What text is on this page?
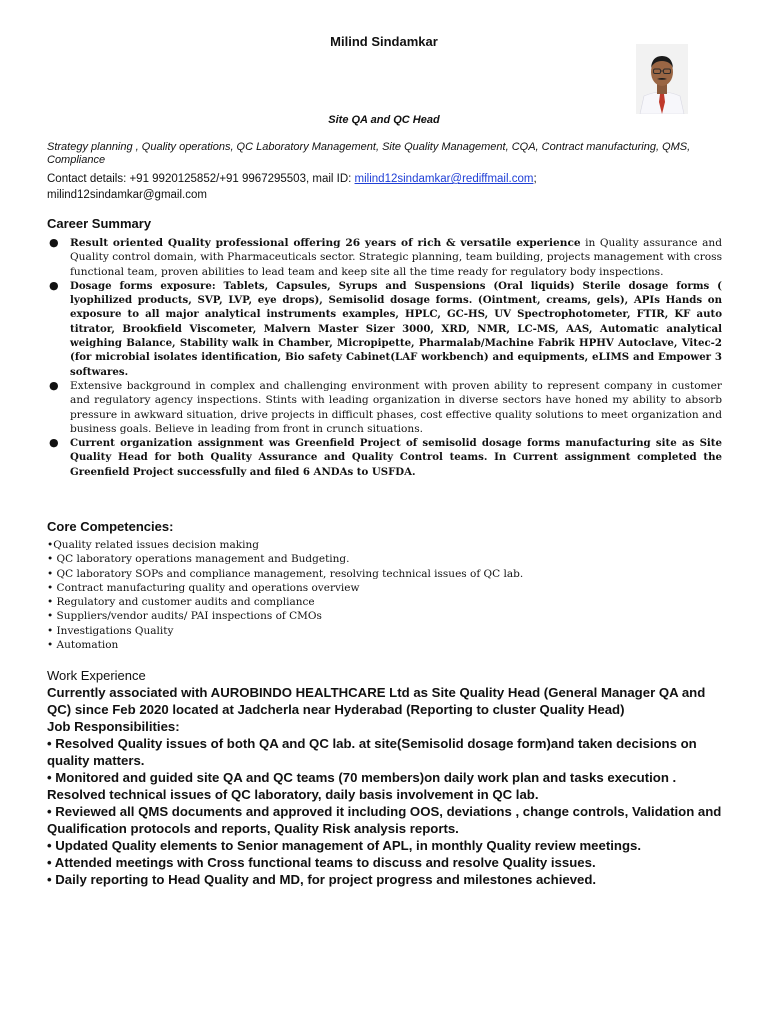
Milind Sindamkar
Site QA and QC Head
Strategy planning , Quality operations, QC Laboratory Management, Site Quality Management, CQA, Contract manufacturing, QMS, Compliance
Contact details: +91 9920125852/+91 9967295503, mail ID: milind12sindamkar@rediffmail.com;
milind12sindamkar@gmail.com
Career Summary
● Result oriented Quality professional offering 26 years of rich & versatile experience in Quality assurance and Quality control domain, with Pharmaceuticals sector. Strategic planning, team building, projects management with cross functional team, proven abilities to lead team and keep site all the time ready for regulatory body inspections.
● Dosage forms exposure: Tablets, Capsules, Syrups and Suspensions (Oral liquids) Sterile dosage forms ( lyophilized products, SVP, LVP, eye drops), Semisolid dosage forms. (Ointment, creams, gels), APIs Hands on exposure to all major analytical instruments examples, HPLC, GC-HS, UV Spectrophotometer, FTIR, KF auto titrator, Brookfield Viscometer, Malvern Master Sizer 3000, XRD, NMR, LC-MS, AAS, Automatic analytical weighing Balance, Stability walk in Chamber, Micropipette, Pharmalab/Machine Fabrik HPHV Autoclave, Vitec-2 (for microbial isolates identification, Bio safety Cabinet(LAF workbench) and equipments, eLIMS and Empower 3 softwares.
● Extensive background in complex and challenging environment with proven ability to represent company in customer and regulatory agency inspections. Stints with leading organization in diverse sectors have honed my ability to absorb pressure in awkward situation, drive projects in difficult phases, cost effective quality solutions to meet organization and business goals. Believe in leading from front in crunch situations.
● Current organization assignment was Greenfield Project of semisolid dosage forms manufacturing site as Site Quality Head for both Quality Assurance and Quality Control teams. In Current assignment completed the Greenfield Project successfully and filed 6 ANDAs to USFDA.
Core Competencies:
•Quality related issues decision making
• QC laboratory operations management and Budgeting.
• QC laboratory SOPs and compliance management, resolving technical issues of QC lab.
• Contract manufacturing quality and operations overview
• Regulatory and customer audits and compliance
• Suppliers/vendor audits/ PAI inspections of CMOs
• Investigations Quality
• Automation
Work Experience

Currently associated with AUROBINDO HEALTHCARE Ltd as Site Quality Head (General Manager QA and QC) since Feb 2020 located at Jadcherla near Hyderabad (Reporting to cluster Quality Head)

Job Responsibilities:

• Resolved Quality issues of both QA and QC lab. at site(Semisolid dosage form)and taken decisions on quality matters.
• Monitored and guided site QA and QC teams (70 members)on daily work plan and tasks execution . Resolved technical issues of QC laboratory, daily basis involvement in QC lab.
• Reviewed all QMS documents and approved it including OOS, deviations , change controls, Validation and Qualification protocols and reports, Quality Risk analysis reports.
• Updated Quality elements to Senior management of APL, in monthly Quality review meetings.
• Attended meetings with Cross functional teams to discuss and resolve Quality issues.
• Daily reporting to Head Quality and MD, for project progress and milestones achieved.
